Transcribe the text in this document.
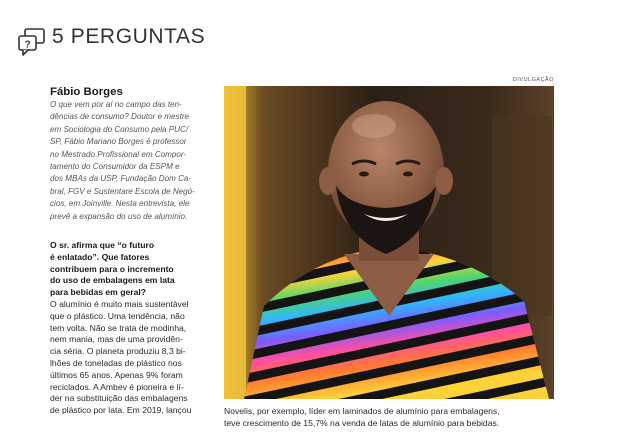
? 5 PERGUNTAS

Fábio Borges

O que vem por aí no campo das ten-
dências de consumo? Doutor e mestre
em Sociologia do Consumo pela PUC/
SP, Fábio Mariano Borges é professor
no Mestrado Profissional em Compor-
tamento do Consumidor da ESPM e
dos MBAs da USP, Fundação Dom Ca-
bral, FGV e Sustentare Escola de Negó-
cios, em Joinville. Nesta entrevista, ele
prevê a expansão do uso de alumínio.

O sr. afirma que “o futuro
é enlatado”. Que fatores
contribuem para o incremento
do uso de embalagens em lata
para bebidas em geral?

O alumínio é muito mais sustentável
que o plástico. Uma tendência, não
tem volta. Não se trata de modinha,
nem mania, mas de uma providên-
cia séria. O planeta produziu 8,3 bi-
lhões de toneladas de plástico nos
últimos 65 anos. Apenas 9% foram
reciclados. A Ambev é pioneira e lí-
der na substituição das embalagens
de plástico por lata. Em 2019, lançou

DIVULGAÇÃO

Novelis, por exemplo, líder em laminados de alumínio para embalagens,
teve crescimento de 15,7% na venda de latas de alumínio para bebidas.
